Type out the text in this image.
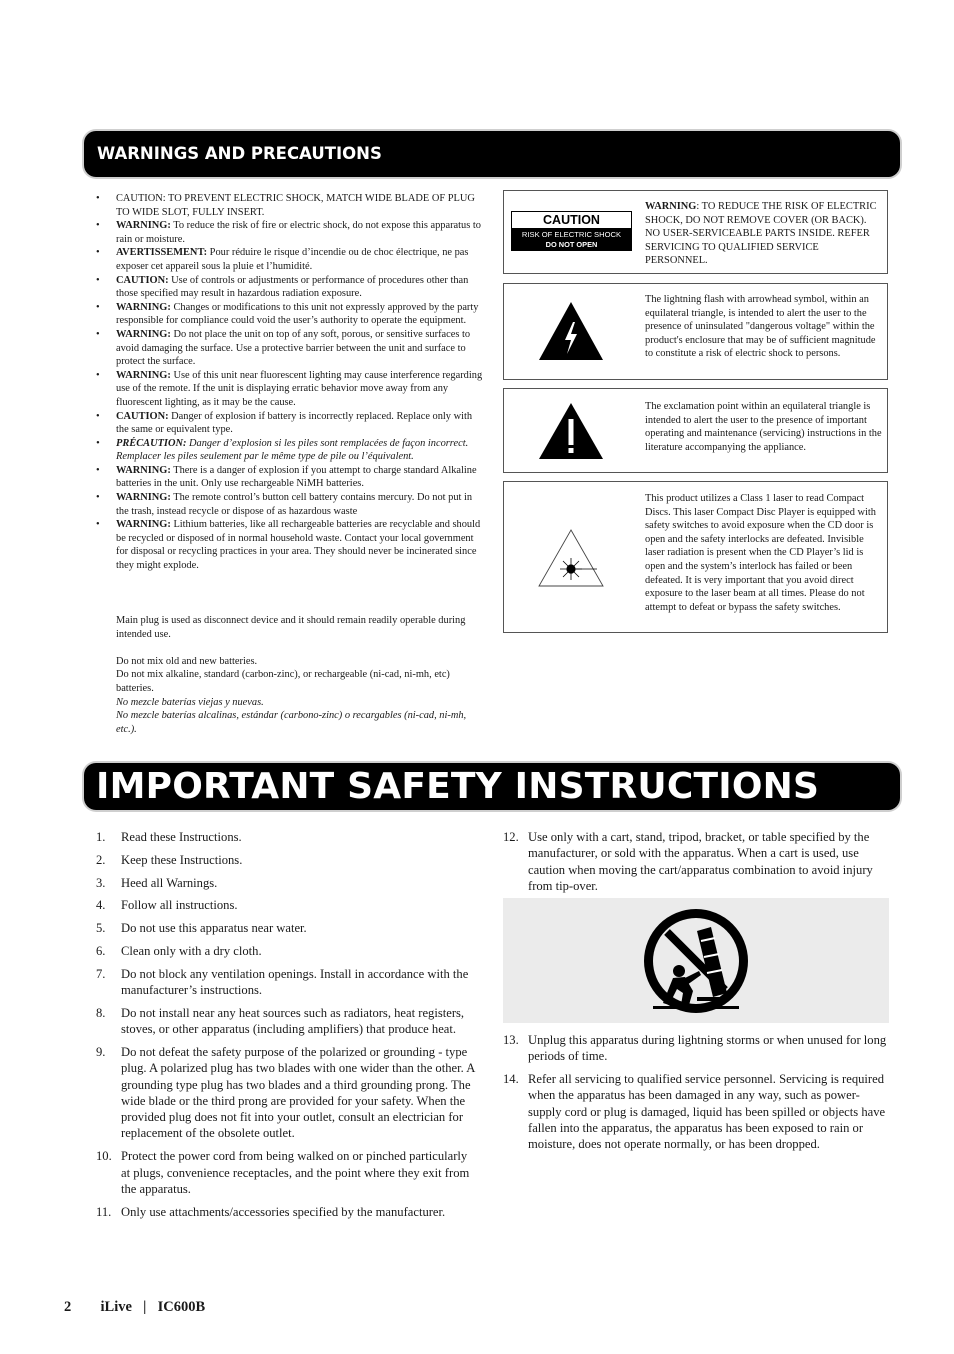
WARNINGS AND PRECAUTIONS
• CAUTION: TO PREVENT ELECTRIC SHOCK, MATCH WIDE BLADE OF PLUG TO WIDE SLOT, FULLY INSERT.
• WARNING: To reduce the risk of fire or electric shock, do not expose this apparatus to rain or moisture.
• AVERTISSEMENT: Pour réduire le risque d’incendie ou de choc électrique, ne pas exposer cet appareil sous la pluie et l’humidité.
• CAUTION: Use of controls or adjustments or performance of procedures other than those specified may result in hazardous radiation exposure.
• WARNING: Changes or modifications to this unit not expressly approved by the party responsible for compliance could void the user’s authority to operate the equipment.
• WARNING: Do not place the unit on top of any soft, porous, or sensitive surfaces to avoid damaging the surface. Use a protective barrier between the unit and surface to protect the surface.
• WARNING: Use of this unit near fluorescent lighting may cause interference regarding use of the remote. If the unit is displaying erratic behavior move away from any fluorescent lighting, as it may be the cause.
• CAUTION: Danger of explosion if battery is incorrectly replaced. Replace only with the same or equivalent type.
• PRÉCAUTION: Danger d’explosion si les piles sont remplacées de façon incorrect. Remplacer les piles seulement par le même type de pile ou l’équivalent.
• WARNING: There is a danger of explosion if you attempt to charge standard Alkaline batteries in the unit. Only use rechargeable NiMH batteries.
• WARNING: The remote control’s button cell battery contains mercury. Do not put in the trash, instead recycle or dispose of as hazardous waste
• WARNING: Lithium batteries, like all rechargeable batteries are recyclable and should be recycled or disposed of in normal household waste. Contact your local government for disposal or recycling practices in your area. They should never be incinerated since they might explode.

Main plug is used as disconnect device and it should remain readily operable during intended use.

Do not mix old and new batteries.

Do not mix alkaline, standard (carbon-zinc), or rechargeable (ni-cad, ni-mh, etc) batteries.

No mezcle baterías viejas y nuevas.

No mezcle baterías alcalinas, estándar (carbono-zinc) o recargables (ni-cad, ni-mh, etc.).

CAUTION
RISK OF ELECTRIC SHOCK
DO NOT OPEN
WARNING: TO REDUCE THE RISK OF ELECTRIC SHOCK, DO NOT REMOVE COVER (OR BACK). NO USER-SERVICEABLE PARTS INSIDE. REFER SERVICING TO QUALIFIED SERVICE PERSONNEL.
The lightning flash with arrowhead symbol, within an equilateral triangle, is intended to alert the user to the presence of uninsulated "dangerous voltage" within the product's enclosure that may be of sufficient magnitude to constitute a risk of electric shock to persons.
The exclamation point within an equilateral triangle is intended to alert the user to the presence of important operating and maintenance (servicing) instructions in the literature accompanying the appliance.
This product utilizes a Class 1 laser to read Compact Discs. This laser Compact Disc Player is equipped with safety switches to avoid exposure when the CD door is open and the safety interlocks are defeated. Invisible laser radiation is present when the CD Player’s lid is open and the system’s interlock has failed or been defeated. It is very important that you avoid direct exposure to the laser beam at all times. Please do not attempt to defeat or bypass the safety switches.
IMPORTANT SAFETY INSTRUCTIONS
1. Read these Instructions.
2. Keep these Instructions.
3. Heed all Warnings.
4. Follow all instructions.
5. Do not use this apparatus near water.
6. Clean only with a dry cloth.
7. Do not block any ventilation openings. Install in accordance with the manufacturer’s instructions.
8. Do not install near any heat sources such as radiators, heat registers, stoves, or other apparatus (including amplifiers) that produce heat.
9. Do not defeat the safety purpose of the polarized or grounding - type plug. A polarized plug has two blades with one wider than the other. A grounding type plug has two blades and a third grounding prong. The wide blade or the third prong are provided for your safety. When the provided plug does not fit into your outlet, consult an electrician for replacement of the obsolete outlet.
10. Protect the power cord from being walked on or pinched particularly at plugs, convenience receptacles, and the point where they exit from the apparatus.
11. Only use attachments/accessories specified by the manufacturer.
12. Use only with a cart, stand, tripod, bracket, or table specified by the manufacturer, or sold with the apparatus. When a cart is used, use caution when moving the cart/apparatus combination to avoid injury from tip-over.
13. Unplug this apparatus during lightning storms or when unused for long periods of time.
14. Refer all servicing to qualified service personnel. Servicing is required when the apparatus has been damaged in any way, such as power-supply cord or plug is damaged, liquid has been spilled or objects have fallen into the apparatus, the apparatus has been exposed to rain or moisture, does not operate normally, or has been dropped.
2 iLive | IC600B
